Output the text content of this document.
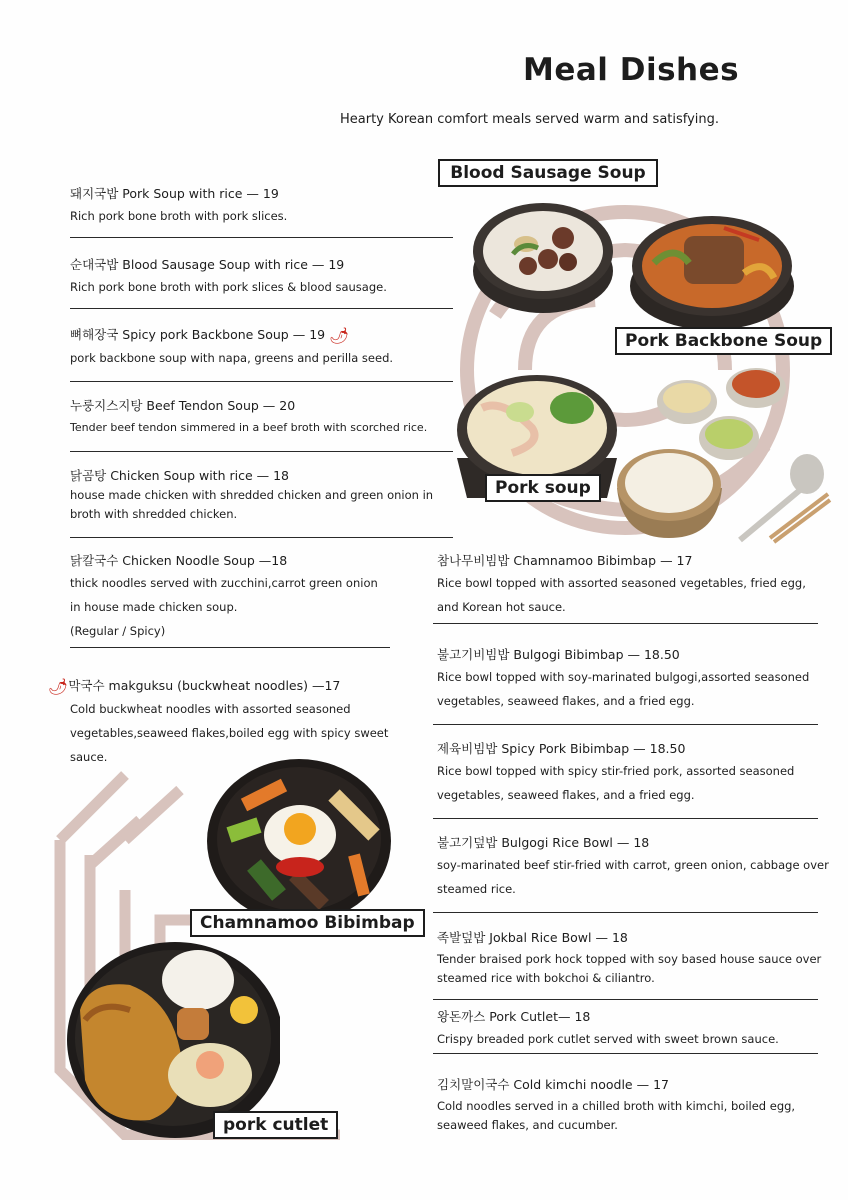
Meal Dishes
Hearty Korean comfort meals served warm and satisfying.
Blood Sausage Soup
Pork Backbone Soup
Pork soup
Chamnamoo Bibimbap
pork cutlet
돼지국밥 Pork Soup with rice — 19
Rich pork bone broth with pork slices.
순대국밥 Blood Sausage Soup with rice — 19
Rich pork bone broth with pork slices & blood sausage.
뼈해장국 Spicy pork Backbone Soup — 19 🌶
pork backbone soup with napa, greens and perilla seed.
누룽지스지탕 Beef Tendon Soup — 20
Tender beef tendon simmered in a beef broth with scorched rice.
닭곰탕 Chicken Soup with rice — 18
house made chicken with shredded chicken and green onion in broth with shredded chicken.
닭칼국수 Chicken Noodle Soup —18
thick noodles served with zucchini,carrot green onion in house made chicken soup.
(Regular / Spicy)
🌶막국수 makguksu (buckwheat noodles) —17
Cold buckwheat noodles with assorted seasoned vegetables,seaweed flakes,boiled egg with spicy sweet sauce.
참나무비빔밥 Chamnamoo Bibimbap — 17
Rice bowl topped with assorted seasoned vegetables, fried egg, and Korean hot sauce.
불고기비빔밥 Bulgogi Bibimbap — 18.50
Rice bowl topped with soy-marinated bulgogi,assorted seasoned vegetables, seaweed flakes, and a fried egg.
제육비빔밥 Spicy Pork Bibimbap — 18.50
Rice bowl topped with spicy stir-fried pork, assorted seasoned vegetables, seaweed flakes, and a fried egg.
불고기덮밥 Bulgogi Rice Bowl — 18
soy-marinated beef stir-fried with carrot, green onion, cabbage over steamed rice.
족발덮밥 Jokbal Rice Bowl — 18
Tender braised pork hock topped with soy based house sauce over steamed rice with bokchoi & ciliantro.
왕돈까스 Pork Cutlet— 18
Crispy breaded pork cutlet served with sweet brown sauce.
김치말이국수 Cold kimchi noodle — 17
Cold noodles served in a chilled broth with kimchi, boiled egg, seaweed flakes, and cucumber.
